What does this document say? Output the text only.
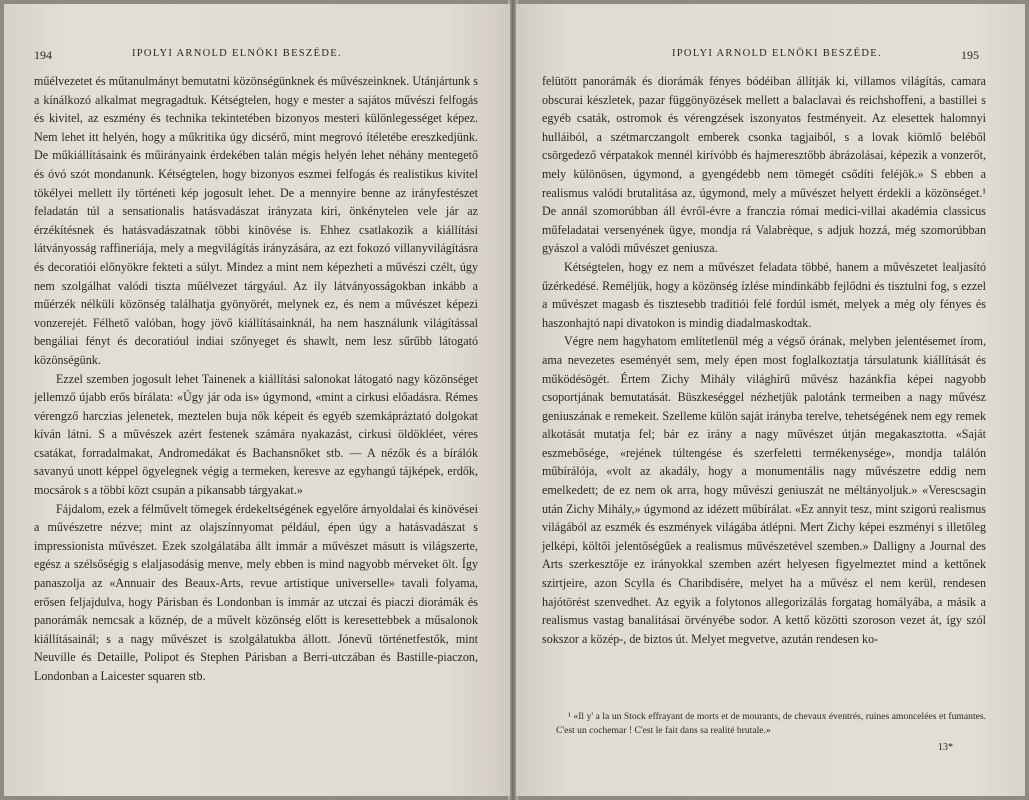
194	IPOLYI ARNOLD ELNÖKI BESZÉDE.

műélvezetet és műtanulmányt bemutatni közönségünknek és művészeinknek. Utánjártunk s a kínálkozó alkalmat megragadtuk. Kétségtelen, hogy e mester a sajátos művészi felfogás és kivitel, az eszmény és technika tekintetében bizonyos mesteri különlegességet képez. Nem lehet itt helyén, hogy a műkritika úgy dicsérő, mint megrovó ítéletébe ereszkedjünk. De műkiállításaink és műirányaink érdekében talán mégis helyén lehet néhány mentegető és óvó szót mondanunk. Kétségtelen, hogy bizonyos eszmei felfogás és realistikus kivitel tökélyei mellett ily történeti kép jogosult lehet. De a mennyire benne az irányfestészet feladatán túl a sensationalis hatásvadászat irányzata kiri, önkénytelen vele jár az érzékítésnek és hatásvadászatnak többi kinövése is. Ehhez csatlakozik a kiállítási látványosság raffineriája, mely a megvilágítás irányzására, az ezt fokozó villanyvilágításra és decoratiói előnyökre fekteti a súlyt. Mindez a mint nem képezheti a művészi czélt, úgy nem szolgálhat valódi tiszta műélvezet tárgyául. Az ily látványosságokban inkább a műérzék nélküli közönség találhatja gyönyörét, melynek ez, és nem a művészet képezi vonzerejét. Félhető valóban, hogy jövő kiállításainknál, ha nem használunk világítással bengáliai fényt és decoratióul indiai szőnyeget és shawlt, nem lesz sűrűbb látogató közönségünk.

Ezzel szemben jogosult lehet Tainenek a kiállítási salonokat látogató nagy közönséget jellemző újabb erős bírálata: «Úgy jár oda is» úgymond, «mint a cirkusi előadásra. Rémes vérengző harczias jelenetek, meztelen buja nők képeit és egyéb szemkápráztató dolgokat kíván látni. S a művészek azért festenek számára nyakazást, cirkusi öldökléet, véres csatákat, forradalmakat, Andromedákat és Bachansnőket stb. — A nézők és a bírálók savanyú unott képpel ögyelegnek végig a termeken, keresve az egyhangú tájképek, erdők, mocsárok s a többi közt csupán a pikansabb tárgyakat.»

Fájdalom, ezek a félművelt tömegek érdekeltségének egyelőre árnyoldalai és kinövései a művészetre nézve; mint az olajszínnyomat például, épen úgy a hatásvadászat s impressionista művészet. Ezek szolgálatába állt immár a művészet másutt is világszerte, egész a szélsőségig s elaljasodásig menve, mely ebben is mind nagyobb mérveket ölt. Így panaszolja az «Annuair des Beaux-Arts, revue artistique universelle» tavali folyama, erősen feljajdulva, hogy Párisban és Londonban is immár az utczai és piaczi diorámák és panorámák nemcsak a köznép, de a művelt közönség előtt is keresettebbek a műsalonok kiállításainál; s a nagy művészet is szolgálatukba állott. Jónevű történetfestők, mint Neuville és Detaille, Polipot és Stephen Párisban a Berri-utczában és Bastille-piaczon, Londonban a Laicester squaren stb.

IPOLYI ARNOLD ELNÖKI BESZÉDE.	195

felütött panorámák és diorámák fényes bódéiban állítják ki, villamos világítás, camara obscurai készletek, pazar függönyözések mellett a balaclavai és reichshoffeni, a bastillei s egyéb csaták, ostromok és vérengzések iszonyatos festményeit. Az elesettek halomnyi hulláiból, a szétmarczangolt emberek csonka tagjaiból, s a lovak kiömlő beléből csörgedező vérpatakok mennél kirívóbb és hajmeresztőbb ábrázolásai, képezik a vonzerőt, mely különösen, úgymond, a gyengédebb nem tömegét csődíti feléjök.» S ebben a realismus valódi brutalitása az, úgymond, mely a művészet helyett érdekli a közönséget.¹ De annál szomorúbban áll évről-évre a franczia római medici-villai akadémia classicus műfeladatai versenyének ügye, mondja rá Valabrèque, s adjuk hozzá, még szomorúbban gyászol a valódi művészet geniusza.

Kétségtelen, hogy ez nem a művészet feladata többé, hanem a művészetet lealjasító űzérkedésé. Reméljük, hogy a közönség ízlése mindinkább fejlődni és tisztulni fog, s ezzel a művészet magasb és tisztesebb traditiói felé fordúl ismét, melyek a még oly fényes és haszonhajtó napi divatokon is mindig diadalmaskodtak.

Végre nem hagyhatom említetlenül még a végső órának, melyben jelentésemet írom, ama nevezetes eseményét sem, mely épen most foglalkoztatja társulatunk kiállítását és működésögét. Értem Zichy Mihály világhírű művész hazánkfia képei nagyobb csoportjának bemutatását. Büszkeséggel nézhetjük palotánk termeiben a nagy művész geniuszának e remekeit. Szelleme külön saját irányba terelve, tehetségének nem egy remek alkotását mutatja fel; bár ez irány a nagy művészet útján megakasztotta. «Saját eszmebősége, «rejének túltengése és szerfeletti termékenysége», mondja találón műbírálója, «volt az akadály, hogy a monumentális nagy művészetre eddig nem emelkedett; de ez nem ok arra, hogy művészi geniuszát ne méltányoljuk.» «Verescsagin után Zichy Mihály,» úgymond az idézett műbírálat. «Ez annyit tesz, mint szigorú realismus világából az eszmék és eszmények világába átlépni. Mert Zichy képei eszményi s illetőleg jelképi, költői jelentőségűek a realismus művészetével szemben.» Dalligny a Journal des Arts szerkesztője ez irányokkal szemben azért helyesen figyelmeztet mind a kettőnek szirtjeire, azon Scylla és Charibdisére, melyet ha a művész el nem kerül, rendesen hajótörést szenvedhet. Az egyik a folytonos allegorizálás forgatag homályába, a másik a realismus vastag banalitásai örvényébe sodor. A kettő közötti szoroson vezet át, így szól sokszor a közép-, de biztos út. Melyet megvetve, azután rendesen ko-

¹ «Il y' a la un Stock effrayant de morts et de mourants, de chevaux éventrés, ruines amoncelées et fumantes. C'est un cochemar ! C'est le fait dans sa realité brutale.»

13*
